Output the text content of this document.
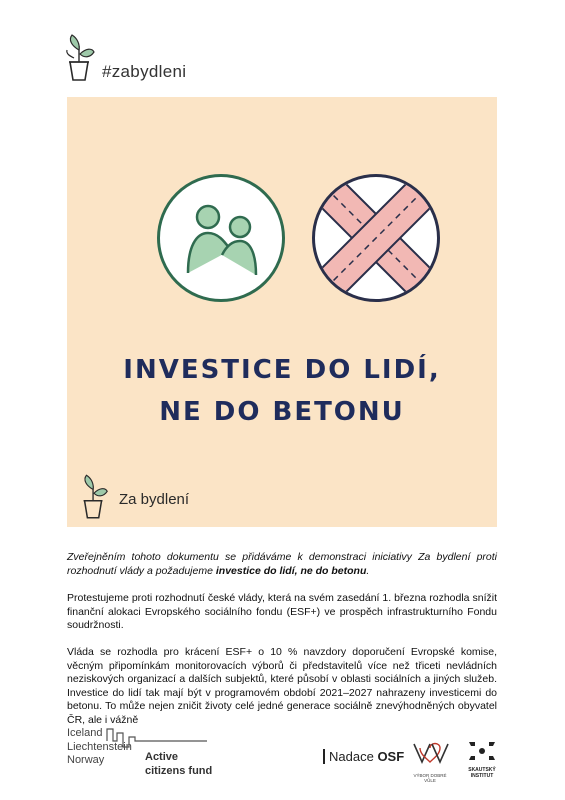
#zabydleni
INVESTICE DO LIDÍ,
NE DO BETONU
Za bydlení
Zveřejněním tohoto dokumentu se přidáváme k demonstraci iniciativy Za bydlení proti rozhodnutí vlády a požadujeme investice do lidí, ne do betonu.
Protestujeme proti rozhodnutí české vlády, která na svém zasedání 1. března rozhodla snížit finanční alokaci Evropského sociálního fondu (ESF+) ve prospěch infrastrukturního Fondu soudržnosti.
Vláda se rozhodla pro krácení ESF+ o 10 % navzdory doporučení Evropské komise, věcným připomínkám monitorovacích výborů či představitelů více než třiceti nevládních neziskových organizací a dalších subjektů, které působí v oblasti sociálních a jiných služeb. Investice do lidí tak mají být v programovém období 2021–2027 nahrazeny investicemi do betonu. To může nejen zničit životy celé jedné generace sociálně znevýhodněných obyvatel ČR, ale i vážně
Iceland
Liechtenstein
Norway	Active
citizens fund
Nadace OSF
VÝBOR DOBRÉ VŮLE
SKAUTSKÝ
INSTITUT
